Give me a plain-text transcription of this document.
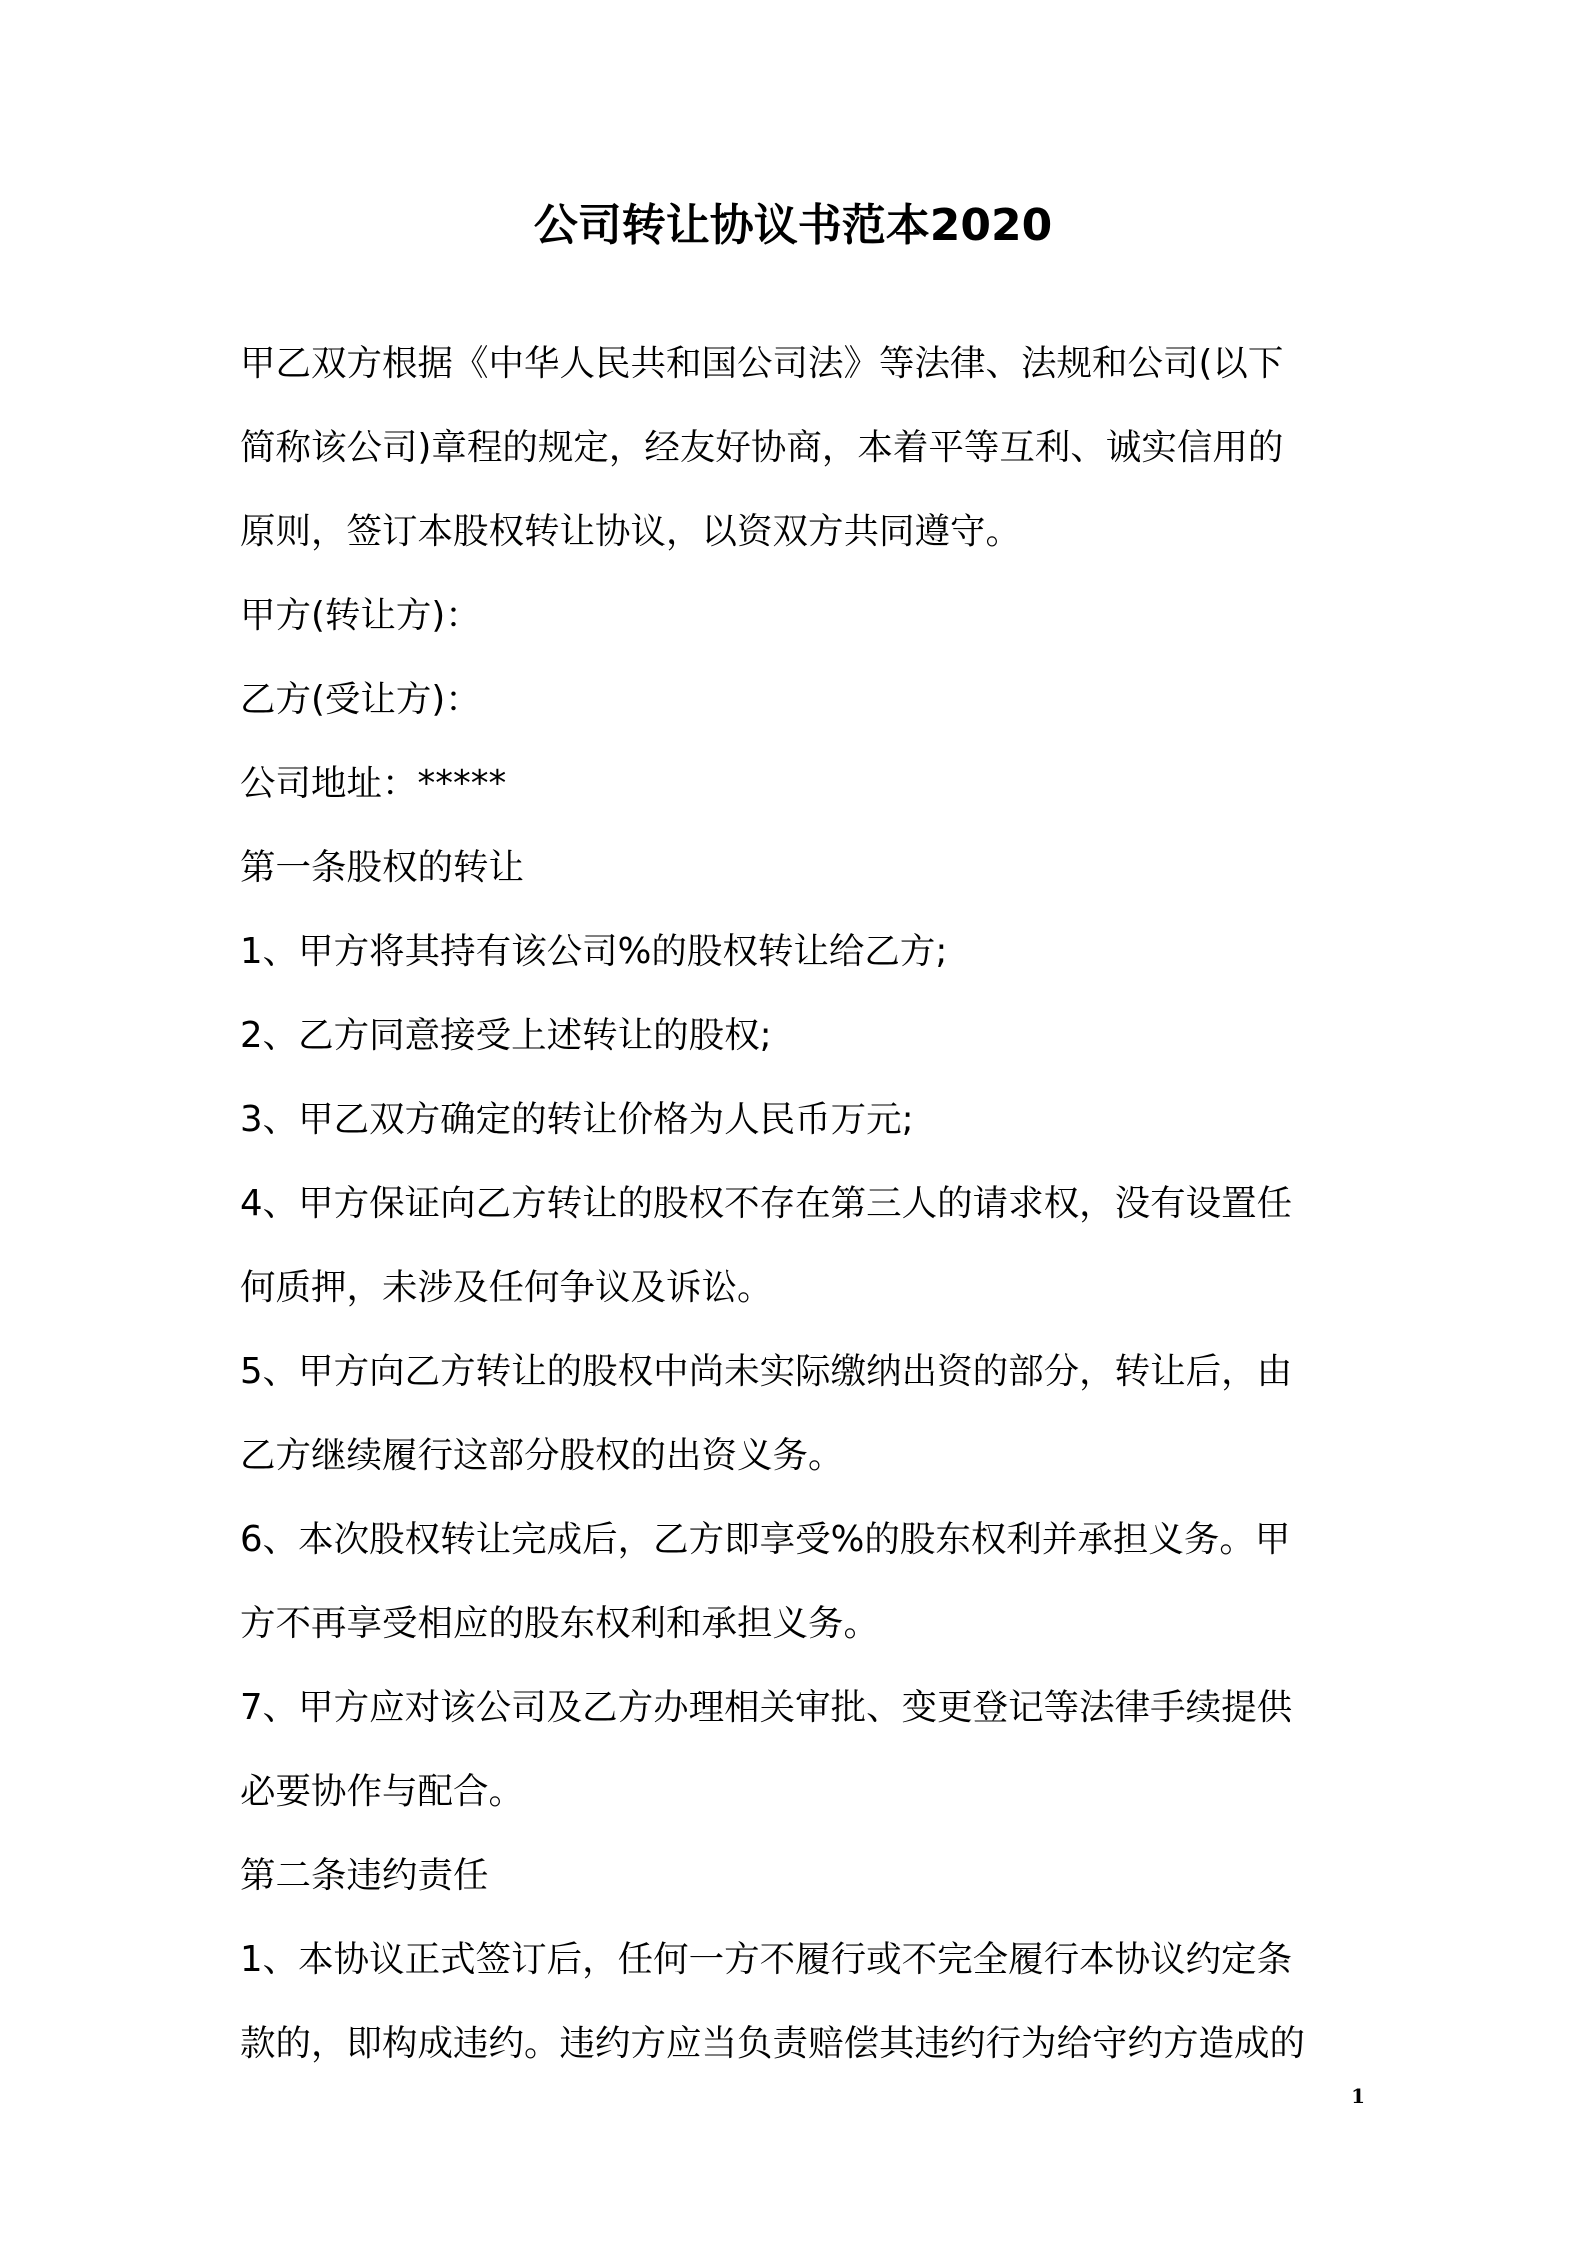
公司转让协议书范本2020
甲乙双方根据《中华人民共和国公司法》等法律、法规和公司(以下
简称该公司)章程的规定，经友好协商，本着平等互利、诚实信用的
原则，签订本股权转让协议，以资双方共同遵守。
甲方(转让方)：
乙方(受让方)：
公司地址：*****
第一条股权的转让
1、甲方将其持有该公司%的股权转让给乙方;
2、乙方同意接受上述转让的股权;
3、甲乙双方确定的转让价格为人民币万元;
4、甲方保证向乙方转让的股权不存在第三人的请求权，没有设置任
何质押，未涉及任何争议及诉讼。
5、甲方向乙方转让的股权中尚未实际缴纳出资的部分，转让后，由
乙方继续履行这部分股权的出资义务。
6、本次股权转让完成后，乙方即享受%的股东权利并承担义务。甲
方不再享受相应的股东权利和承担义务。
7、甲方应对该公司及乙方办理相关审批、变更登记等法律手续提供
必要协作与配合。
第二条违约责任
1、本协议正式签订后，任何一方不履行或不完全履行本协议约定条
款的，即构成违约。违约方应当负责赔偿其违约行为给守约方造成的
1
